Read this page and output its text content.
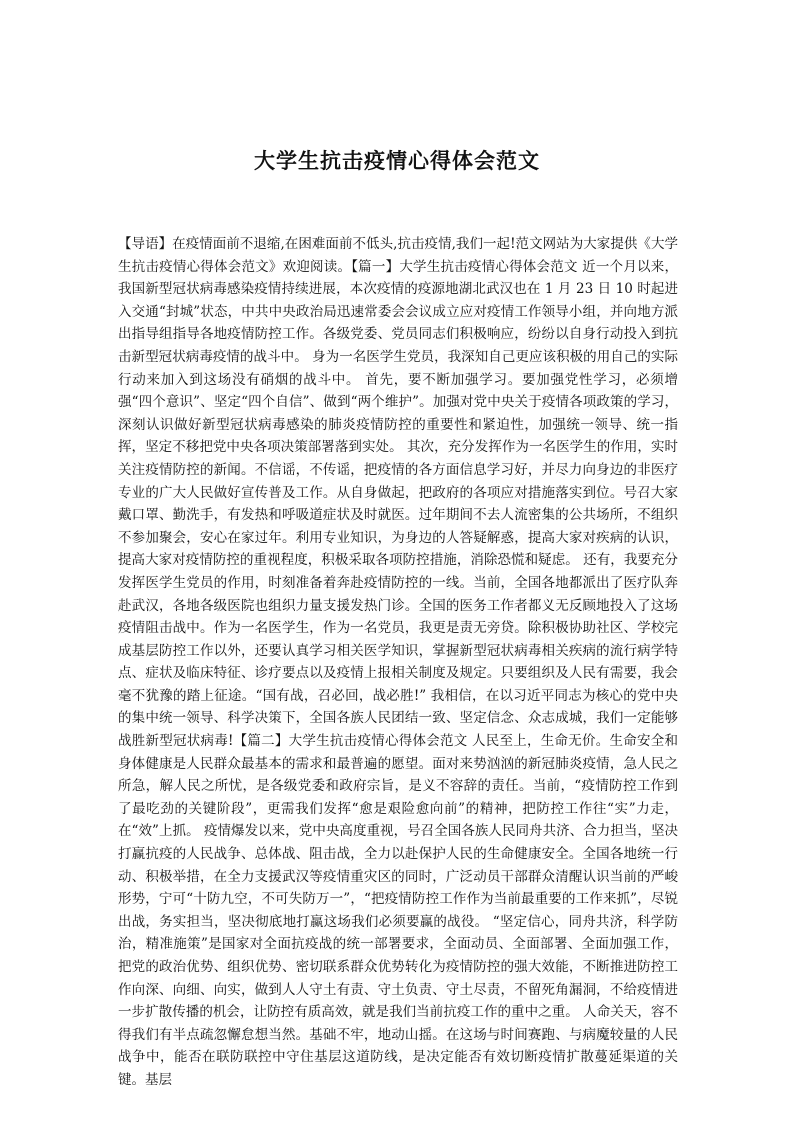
大学生抗击疫情心得体会范文

【导语】在疫情面前不退缩,在困难面前不低头,抗击疫情,我们一起!范文网站为大家提供《大学生抗击疫情心得体会范文》欢迎阅读。【篇一】大学生抗击疫情心得体会范文 近一个月以来，我国新型冠状病毒感染疫情持续进展，本次疫情的疫源地湖北武汉也在 1 月 23 日 10 时起进入交通“封城”状态，中共中央政治局迅速常委会会议成立应对疫情工作领导小组，并向地方派出指导组指导各地疫情防控工作。各级党委、党员同志们积极响应，纷纷以自身行动投入到抗击新型冠状病毒疫情的战斗中。 身为一名医学生党员，我深知自己更应该积极的用自己的实际行动来加入到这场没有硝烟的战斗中。 首先，要不断加强学习。要加强党性学习，必须增强“四个意识”、坚定“四个自信”、做到“两个维护”。加强对党中央关于疫情各项政策的学习，深刻认识做好新型冠状病毒感染的肺炎疫情防控的重要性和紧迫性，加强统一领导、统一指挥，坚定不移把党中央各项决策部署落到实处。 其次，充分发挥作为一名医学生的作用，实时关注疫情防控的新闻。不信谣，不传谣，把疫情的各方面信息学习好，并尽力向身边的非医疗专业的广大人民做好宣传普及工作。从自身做起，把政府的各项应对措施落实到位。号召大家戴口罩、勤洗手，有发热和呼吸道症状及时就医。过年期间不去人流密集的公共场所，不组织不参加聚会，安心在家过年。利用专业知识，为身边的人答疑解惑，提高大家对疾病的认识，提高大家对疫情防控的重视程度，积极采取各项防控措施，消除恐慌和疑虑。 还有，我要充分发挥医学生党员的作用，时刻准备着奔赴疫情防控的一线。当前，全国各地都派出了医疗队奔赴武汉，各地各级医院也组织力量支援发热门诊。全国的医务工作者都义无反顾地投入了这场疫情阻击战中。作为一名医学生，作为一名党员，我更是责无旁贷。除积极协助社区、学校完成基层防控工作以外，还要认真学习相关医学知识，掌握新型冠状病毒相关疾病的流行病学特点、症状及临床特征、诊疗要点以及疫情上报相关制度及规定。只要组织及人民有需要，我会毫不犹豫的踏上征途。“国有战，召必回，战必胜!” 我相信，在以习近平同志为核心的党中央的集中统一领导、科学决策下，全国各族人民团结一致、坚定信念、众志成城，我们一定能够战胜新型冠状病毒!【篇二】大学生抗击疫情心得体会范文 人民至上，生命无价。生命安全和身体健康是人民群众最基本的需求和最普遍的愿望。面对来势汹汹的新冠肺炎疫情，急人民之所急，解人民之所忧，是各级党委和政府宗旨，是义不容辞的责任。当前，“疫情防控工作到了最吃劲的关键阶段”，更需我们发挥“愈是艰险愈向前”的精神，把防控工作往“实”力走，在“效”上抓。 疫情爆发以来，党中央高度重视，号召全国各族人民同舟共济、合力担当，坚决打赢抗疫的人民战争、总体战、阻击战，全力以赴保护人民的生命健康安全。全国各地统一行动、积极举措，在全力支援武汉等疫情重灾区的同时，广泛动员干部群众清醒认识当前的严峻形势，宁可“十防九空，不可失防万一”，“把疫情防控工作作为当前最重要的工作来抓”，尽锐出战，务实担当，坚决彻底地打赢这场我们必须要赢的战役。 “坚定信心，同舟共济，科学防治，精准施策”是国家对全面抗疫战的统一部署要求，全面动员、全面部署、全面加强工作，把党的政治优势、组织优势、密切联系群众优势转化为疫情防控的强大效能，不断推进防控工作向深、向细、向实，做到人人守土有责、守土负责、守土尽责，不留死角漏洞，不给疫情进一步扩散传播的机会，让防控有质高效，就是我们当前抗疫工作的重中之重。 人命关天，容不得我们有半点疏忽懈怠想当然。基础不牢，地动山摇。在这场与时间赛跑、与病魔较量的人民战争中，能否在联防联控中守住基层这道防线，是决定能否有效切断疫情扩散蔓延渠道的关键。基层
